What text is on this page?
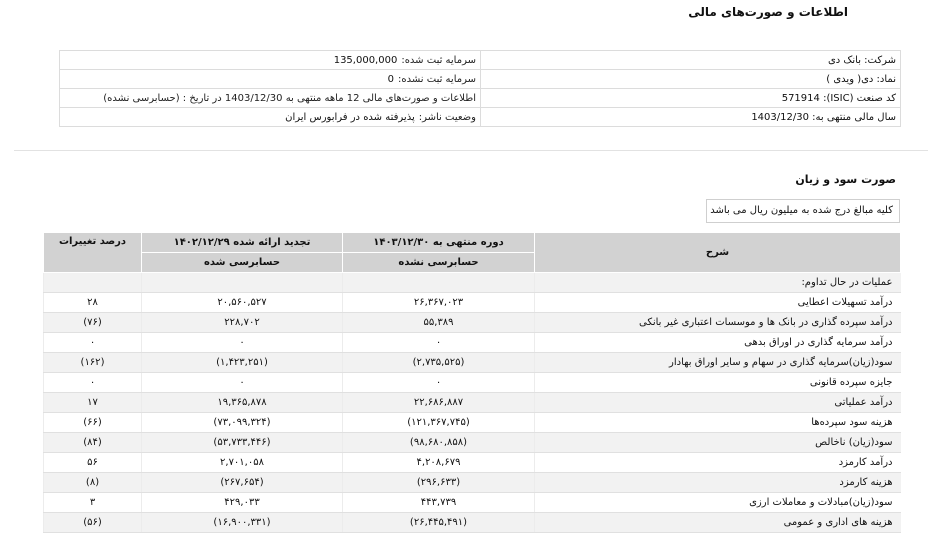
اطلاعات و صورت‌های مالی
شرکت: بانک دی	سرمایه ثبت شده:135,000,000
نماد: دی( ویدی )	سرمایه ثبت نشده:0
کد صنعت (ISIC): 571914	اطلاعات و صورت‌های مالی 12 ماهه منتهی به 1403/12/30 در تاریخ : (حسابرسی نشده)
سال مالی منتهی به: 1403/12/30	وضعیت ناشر:پذیرفته شده در فرابورس ایران
صورت سود و زیان
کلیه مبالغ درج شده به میلیون ریال می باشد
شرح	دوره منتهی به ۱۴۰۳/۱۲/۳۰	تجدید ارائه شده ۱۴۰۲/۱۲/۲۹	درصد تغییرات
	حسابرسی نشده	حسابرسی شده	
عملیات در حال تداوم:			
درآمد تسهیلات اعطایی	۲۶,۳۶۷,۰۲۳	۲۰,۵۶۰,۵۲۷	۲۸
درآمد سپرده گذاری در بانک ها و موسسات اعتباری غیر بانکی	۵۵,۳۸۹	۲۲۸,۷۰۲	(۷۶)
درآمد سرمایه گذاری در اوراق بدهی	۰	۰	۰
سود(زیان)سرمایه گذاری در سهام و سایر اوراق بهادار	(۲,۷۳۵,۵۲۵)	(۱,۴۲۳,۲۵۱)	(۱۶۲)
جایزه سپرده قانونی	۰	۰	۰
درآمد عملیاتی	۲۲,۶۸۶,۸۸۷	۱۹,۳۶۵,۸۷۸	۱۷
هزینه سود سپرده‌ها	(۱۲۱,۳۶۷,۷۴۵)	(۷۳,۰۹۹,۳۲۴)	(۶۶)
سود(زیان) ناخالص	(۹۸,۶۸۰,۸۵۸)	(۵۳,۷۳۳,۴۴۶)	(۸۴)
درآمد کارمزد	۴,۲۰۸,۶۷۹	۲,۷۰۱,۰۵۸	۵۶
هزینه کارمزد	(۲۹۶,۶۳۳)	(۲۶۷,۶۵۴)	(۸)
سود(زیان)مبادلات و معاملات ارزی	۴۴۳,۷۳۹	۴۲۹,۰۳۳	۳
هزینه های اداری و عمومی	(۲۶,۴۴۵,۴۹۱)	(۱۶,۹۰۰,۳۳۱)	(۵۶)
